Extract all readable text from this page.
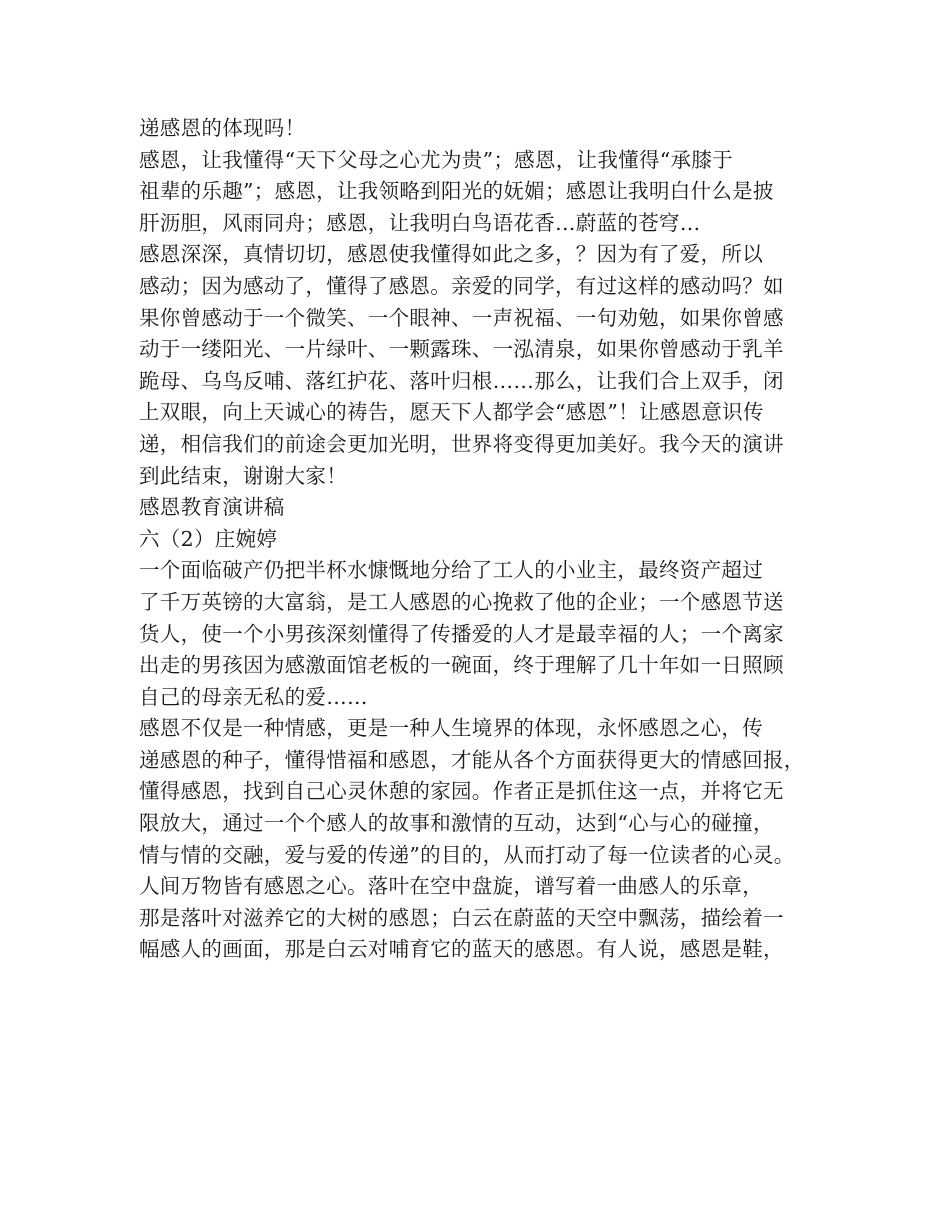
递感恩的体现吗！
感恩，让我懂得“天下父母之心尤为贵”；感恩，让我懂得“承膝于
祖辈的乐趣”；感恩，让我领略到阳光的妩媚；感恩让我明白什么是披
肝沥胆，风雨同舟；感恩，让我明白鸟语花香…蔚蓝的苍穹…
感恩深深，真情切切，感恩使我懂得如此之多，？因为有了爱，所以
感动；因为感动了，懂得了感恩。亲爱的同学，有过这样的感动吗？如
果你曾感动于一个微笑、一个眼神、一声祝福、一句劝勉，如果你曾感
动于一缕阳光、一片绿叶、一颗露珠、一泓清泉，如果你曾感动于乳羊
跪母、乌鸟反哺、落红护花、落叶归根……那么，让我们合上双手，闭
上双眼，向上天诚心的祷告，愿天下人都学会“感恩”！让感恩意识传
递，相信我们的前途会更加光明，世界将变得更加美好。我今天的演讲
到此结束，谢谢大家！
感恩教育演讲稿
六（2）庄婉婷
一个面临破产仍把半杯水慷慨地分给了工人的小业主，最终资产超过
了千万英镑的大富翁，是工人感恩的心挽救了他的企业；一个感恩节送
货人，使一个小男孩深刻懂得了传播爱的人才是最幸福的人；一个离家
出走的男孩因为感激面馆老板的一碗面，终于理解了几十年如一日照顾
自己的母亲无私的爱……
感恩不仅是一种情感，更是一种人生境界的体现，永怀感恩之心，传
递感恩的种子，懂得惜福和感恩，才能从各个方面获得更大的情感回报，
懂得感恩，找到自己心灵休憩的家园。作者正是抓住这一点，并将它无
限放大，通过一个个感人的故事和激情的互动，达到“心与心的碰撞，
情与情的交融，爱与爱的传递”的目的，从而打动了每一位读者的心灵。
人间万物皆有感恩之心。落叶在空中盘旋，谱写着一曲感人的乐章，
那是落叶对滋养它的大树的感恩；白云在蔚蓝的天空中飘荡，描绘着一
幅感人的画面，那是白云对哺育它的蓝天的感恩。有人说，感恩是鞋，
